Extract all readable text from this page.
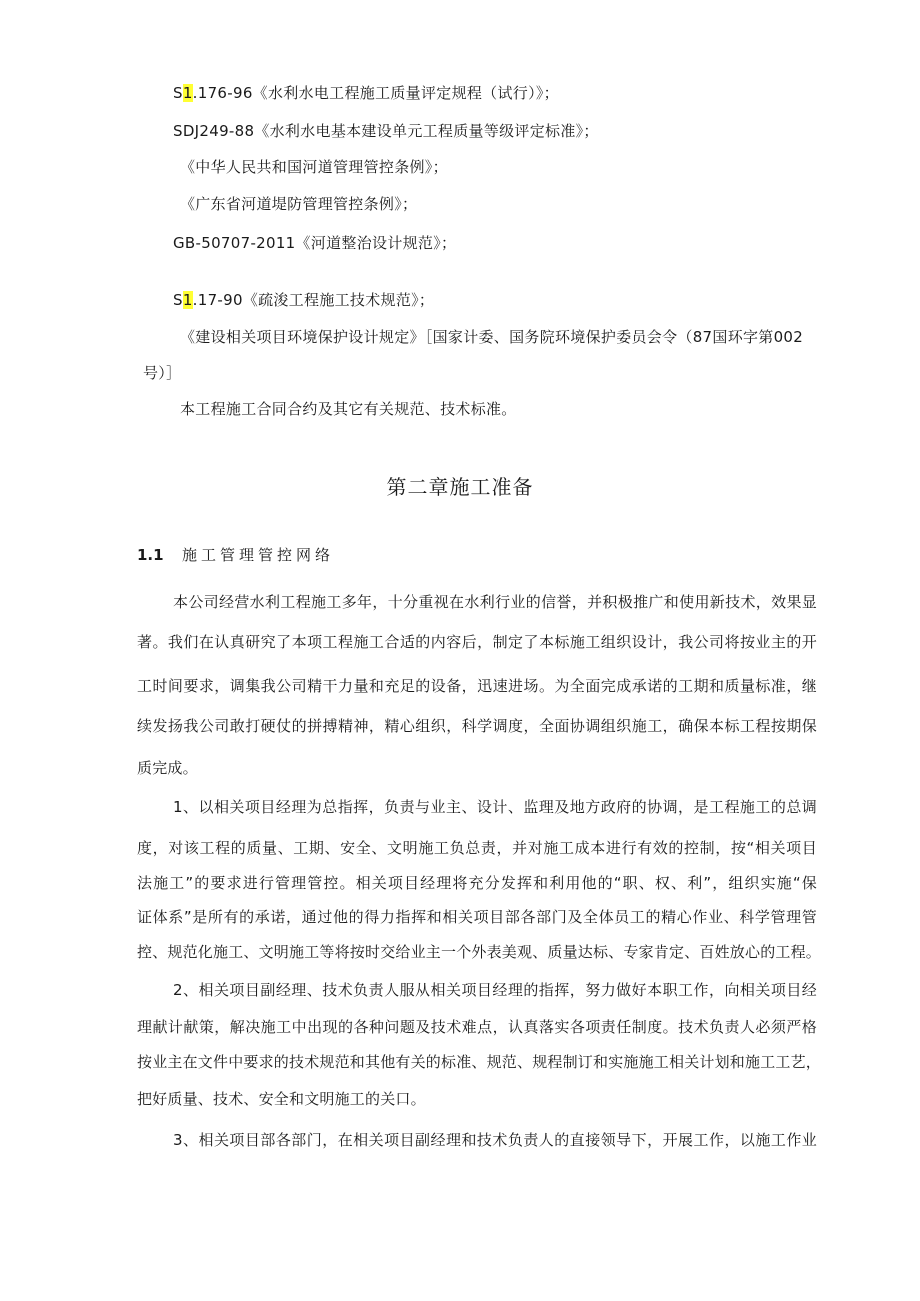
S1.176-96《水利水电工程施工质量评定规程（试行）》；
SDJ249-88《水利水电基本建设单元工程质量等级评定标准》；
《中华人民共和国河道管理管控条例》；
《广东省河道堤防管理管控条例》；
GB-50707-2011《河道整治设计规范》；
S1.17-90《疏浚工程施工技术规范》；
《建设相关项目环境保护设计规定》［国家计委、国务院环境保护委员会令（87国环字第002
号）］
本工程施工合同合约及其它有关规范、技术标准。
第二章施工准备
1.1 施工管理管控网络
本公司经营水利工程施工多年，十分重视在水利行业的信誉，并积极推广和使用新技术，效果显
著。我们在认真研究了本项工程施工合适的内容后，制定了本标施工组织设计，我公司将按业主的开
工时间要求，调集我公司精干力量和充足的设备，迅速进场。为全面完成承诺的工期和质量标准，继
续发扬我公司敢打硬仗的拼搏精神，精心组织，科学调度，全面协调组织施工，确保本标工程按期保
质完成。
1、以相关项目经理为总指挥，负责与业主、设计、监理及地方政府的协调，是工程施工的总调
度，对该工程的质量、工期、安全、文明施工负总责，并对施工成本进行有效的控制，按“相关项目
法施工”的要求进行管理管控。相关项目经理将充分发挥和利用他的“职、权、利”，组织实施“保
证体系”是所有的承诺，通过他的得力指挥和相关项目部各部门及全体员工的精心作业、科学管理管
控、规范化施工、文明施工等将按时交给业主一个外表美观、质量达标、专家肯定、百姓放心的工程。
2、相关项目副经理、技术负责人服从相关项目经理的指挥，努力做好本职工作，向相关项目经
理献计献策，解决施工中出现的各种问题及技术难点，认真落实各项责任制度。技术负责人必须严格
按业主在文件中要求的技术规范和其他有关的标准、规范、规程制订和实施施工相关计划和施工工艺，
把好质量、技术、安全和文明施工的关口。
3、相关项目部各部门，在相关项目副经理和技术负责人的直接领导下，开展工作，以施工作业
